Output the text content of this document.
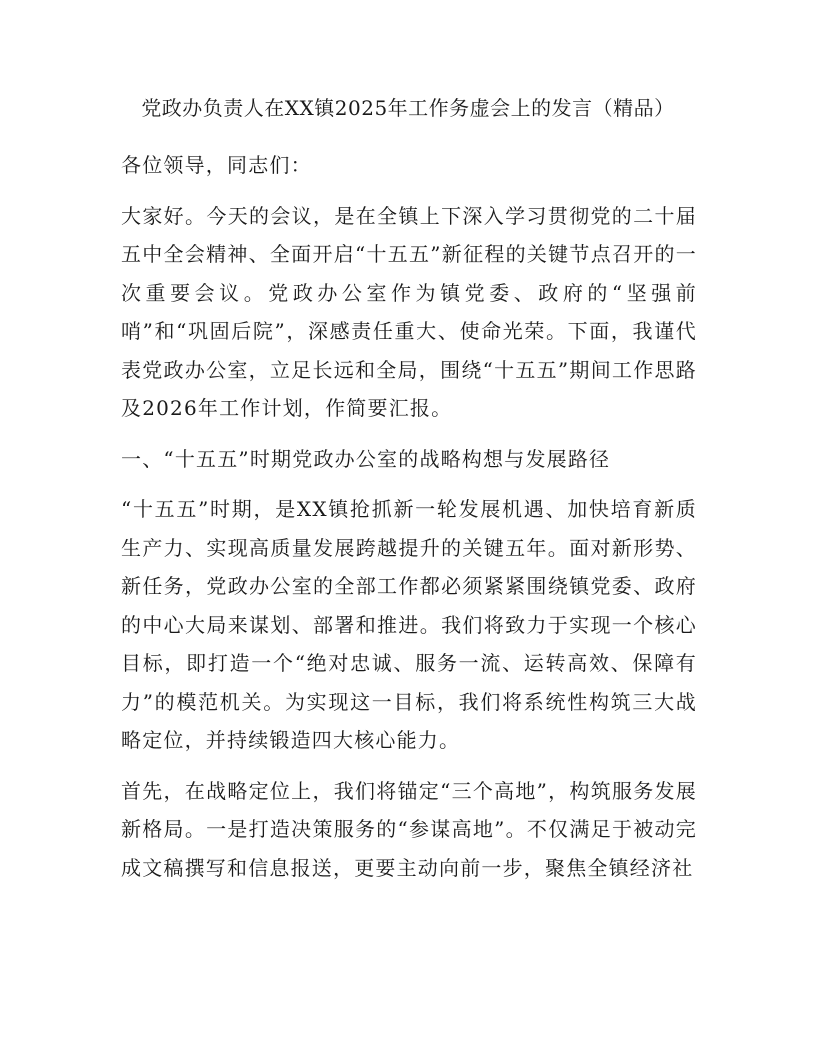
党政办负责人在XX镇2025年工作务虚会上的发言（精品）

各位领导，同志们：

大家好。今天的会议，是在全镇上下深入学习贯彻党的二十届五中全会精神、全面开启“十五五”新征程的关键节点召开的一次重要会议。党政办公室作为镇党委、政府的“坚强前哨”和“巩固后院”，深感责任重大、使命光荣。下面，我谨代表党政办公室，立足长远和全局，围绕“十五五”期间工作思路及2026年工作计划，作简要汇报。

一、“十五五”时期党政办公室的战略构想与发展路径

“十五五”时期，是XX镇抢抓新一轮发展机遇、加快培育新质生产力、实现高质量发展跨越提升的关键五年。面对新形势、新任务，党政办公室的全部工作都必须紧紧围绕镇党委、政府的中心大局来谋划、部署和推进。我们将致力于实现一个核心目标，即打造一个“绝对忠诚、服务一流、运转高效、保障有力”的模范机关。为实现这一目标，我们将系统性构筑三大战略定位，并持续锻造四大核心能力。

首先，在战略定位上，我们将锚定“三个高地”，构筑服务发展新格局。一是打造决策服务的“参谋高地”。不仅满足于被动完成文稿撰写和信息报送，更要主动向前一步，聚焦全镇经济社
